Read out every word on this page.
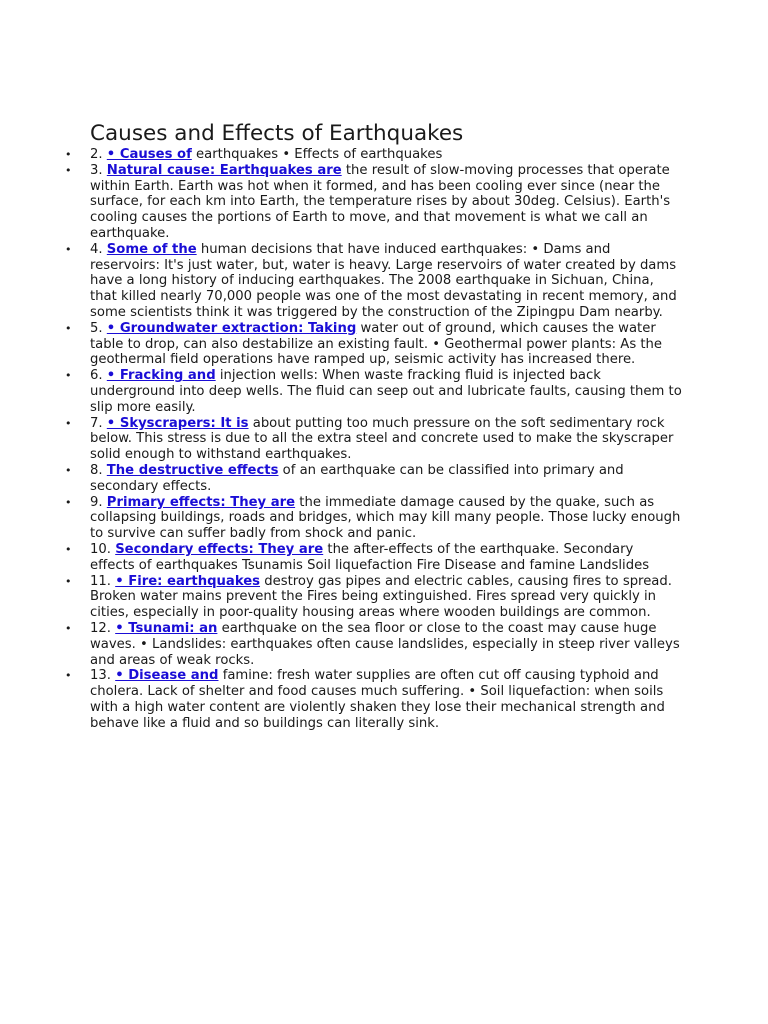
Causes and Effects of Earthquakes
• 2. • Causes of earthquakes • Effects of earthquakes
• 3. Natural cause: Earthquakes are the result of slow-moving processes that operate within Earth. Earth was hot when it formed, and has been cooling ever since (near the surface, for each km into Earth, the temperature rises by about 30deg. Celsius). Earth's cooling causes the portions of Earth to move, and that movement is what we call an earthquake.
• 4. Some of the human decisions that have induced earthquakes: • Dams and reservoirs: It's just water, but, water is heavy. Large reservoirs of water created by dams have a long history of inducing earthquakes. The 2008 earthquake in Sichuan, China, that killed nearly 70,000 people was one of the most devastating in recent memory, and some scientists think it was triggered by the construction of the Zipingpu Dam nearby.
• 5. • Groundwater extraction: Taking water out of ground, which causes the water table to drop, can also destabilize an existing fault. • Geothermal power plants: As the geothermal field operations have ramped up, seismic activity has increased there.
• 6. • Fracking and injection wells: When waste fracking fluid is injected back underground into deep wells. The fluid can seep out and lubricate faults, causing them to slip more easily.
• 7. • Skyscrapers: It is about putting too much pressure on the soft sedimentary rock below. This stress is due to all the extra steel and concrete used to make the skyscraper solid enough to withstand earthquakes.
• 8. The destructive effects of an earthquake can be classified into primary and secondary effects.
• 9. Primary effects: They are the immediate damage caused by the quake, such as collapsing buildings, roads and bridges, which may kill many people. Those lucky enough to survive can suffer badly from shock and panic.
• 10. Secondary effects: They are the after-effects of the earthquake. Secondary effects of earthquakes Tsunamis Soil liquefaction Fire Disease and famine Landslides
• 11. • Fire: earthquakes destroy gas pipes and electric cables, causing fires to spread. Broken water mains prevent the Fires being extinguished. Fires spread very quickly in cities, especially in poor-quality housing areas where wooden buildings are common.
• 12. • Tsunami: an earthquake on the sea floor or close to the coast may cause huge waves. • Landslides: earthquakes often cause landslides, especially in steep river valleys and areas of weak rocks.
• 13. • Disease and famine: fresh water supplies are often cut off causing typhoid and cholera. Lack of shelter and food causes much suffering. • Soil liquefaction: when soils with a high water content are violently shaken they lose their mechanical strength and behave like a fluid and so buildings can literally sink.
